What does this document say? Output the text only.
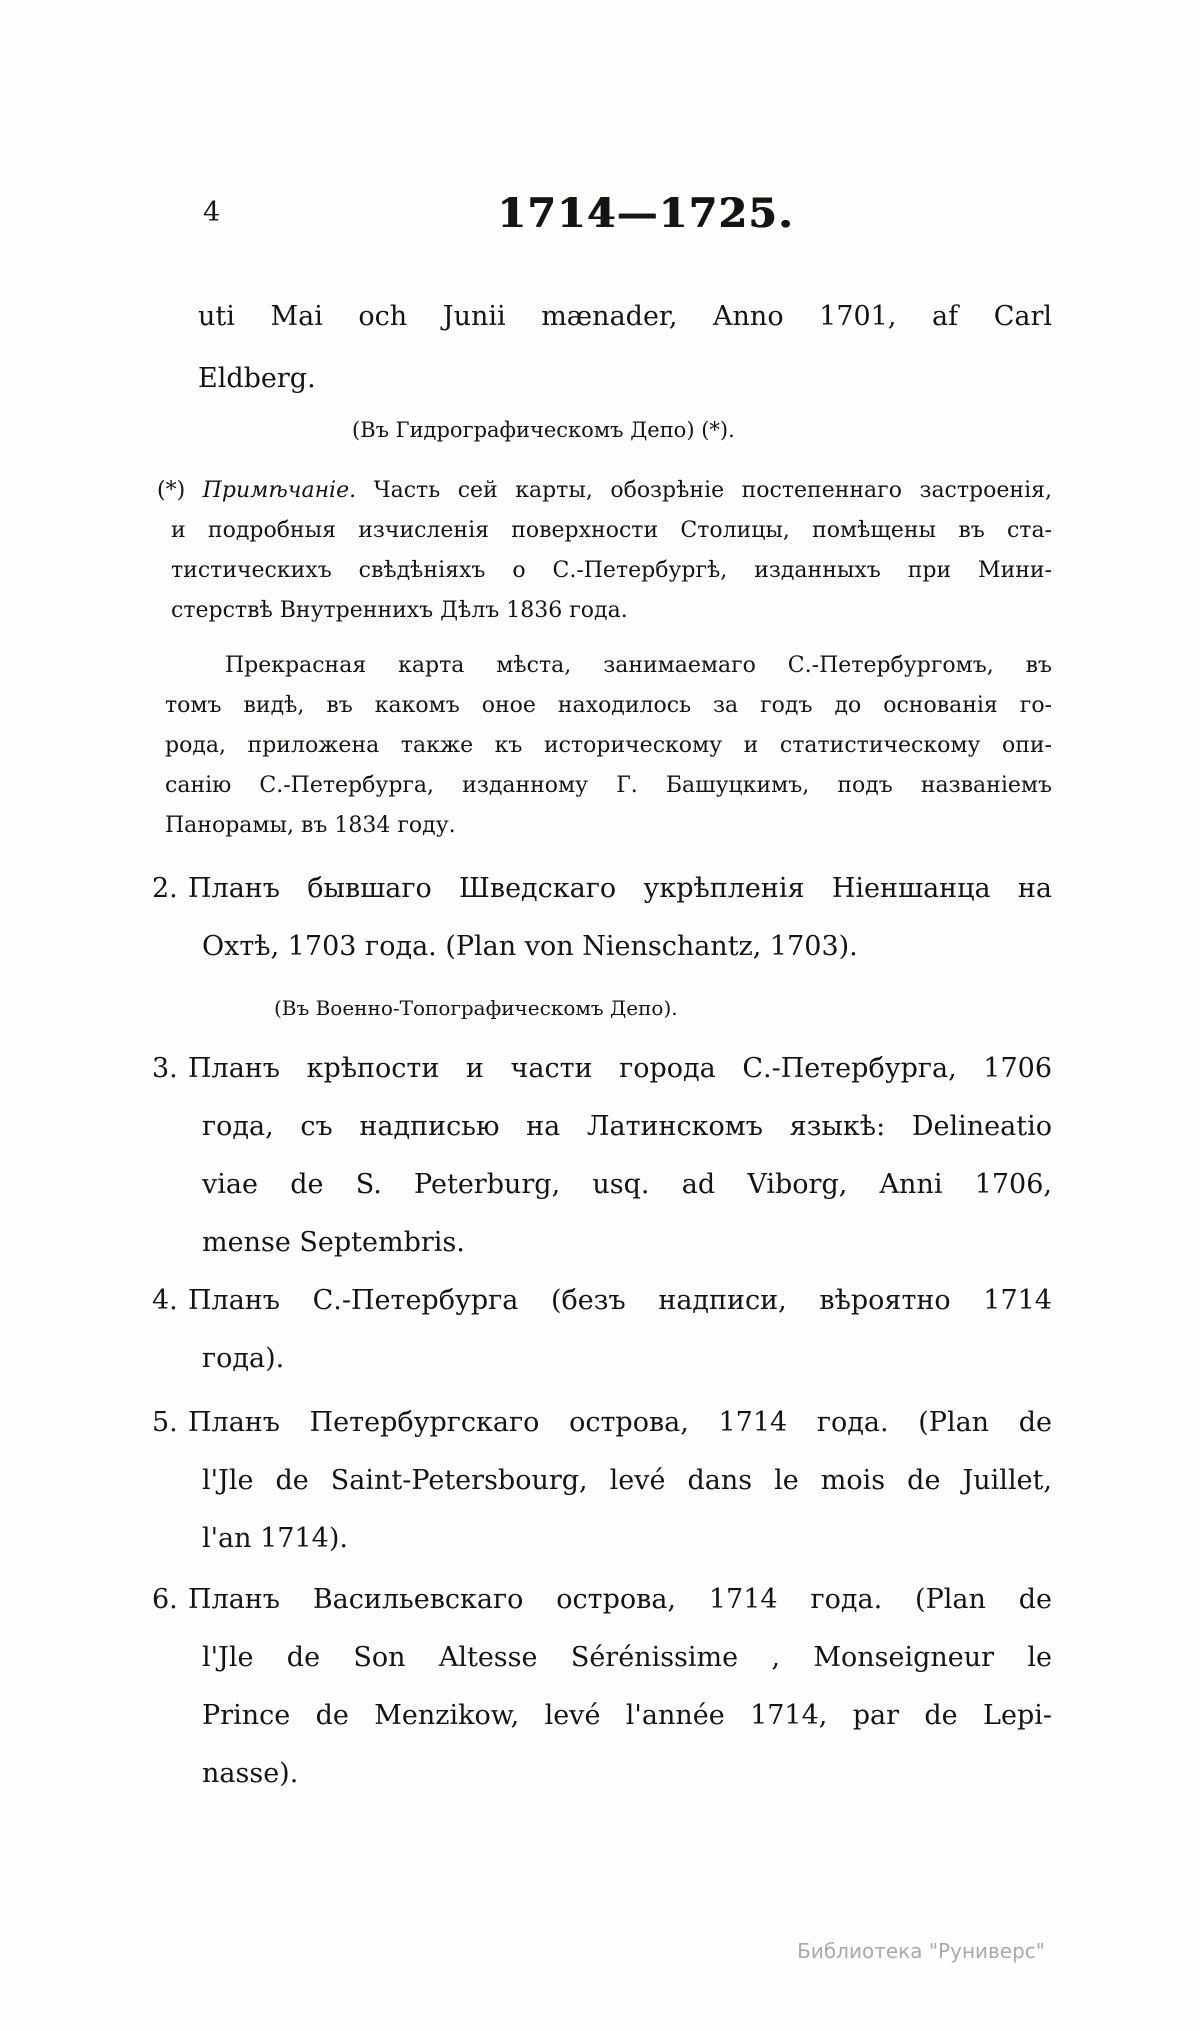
4	1714—1725.
uti Mai och Junii mænader, Anno 1701, af Carl
Eldberg.
(Въ Гидрографическомъ Депо) (*).
(*) Примѣчаніе. Часть сей карты, обозрѣніе постепеннаго застроенія,
и подробныя изчисленія поверхности Столицы, помѣщены въ ста-
тистическихъ свѣдѣніяхъ о С.-Петербургѣ, изданныхъ при Мини-
стерствѣ Внутреннихъ Дѣлъ 1836 года.
Прекрасная карта мѣста, занимаемаго С.-Петербургомъ, въ
томъ видѣ, въ какомъ оное находилось за годъ до основанія го-
рода, приложена также къ историческому и статистическому опи-
санію С.-Петербурга, изданному Г. Башуцкимъ, подъ названіемъ
Панорамы, въ 1834 году.
2. Планъ бывшаго Шведскаго укрѣпленія Ніеншанца на
Охтѣ, 1703 года. (Plan von Nienschantz, 1703).
(Въ Военно-Топографическомъ Депо).
3. Планъ крѣпости и части города С.-Петербурга, 1706
года, съ надписью на Латинскомъ языкѣ: Delineatio
viae de S. Peterburg, usq. ad Viborg, Anni 1706,
mense Septembris.
4. Планъ С.-Петербурга (безъ надписи, вѣроятно 1714
года).
5. Планъ Петербургскаго острова, 1714 года. (Plan de
l'Jle de Saint-Petersbourg, levé dans le mois de Juillet,
l'an 1714).
6. Планъ Васильевскаго острова, 1714 года. (Plan de
l'Jle de Son Altesse Sérénissime , Monseigneur le
Prince de Menzikow, levé l'année 1714, par de Lepi-
nasse).
Библиотека "Руниверс"
